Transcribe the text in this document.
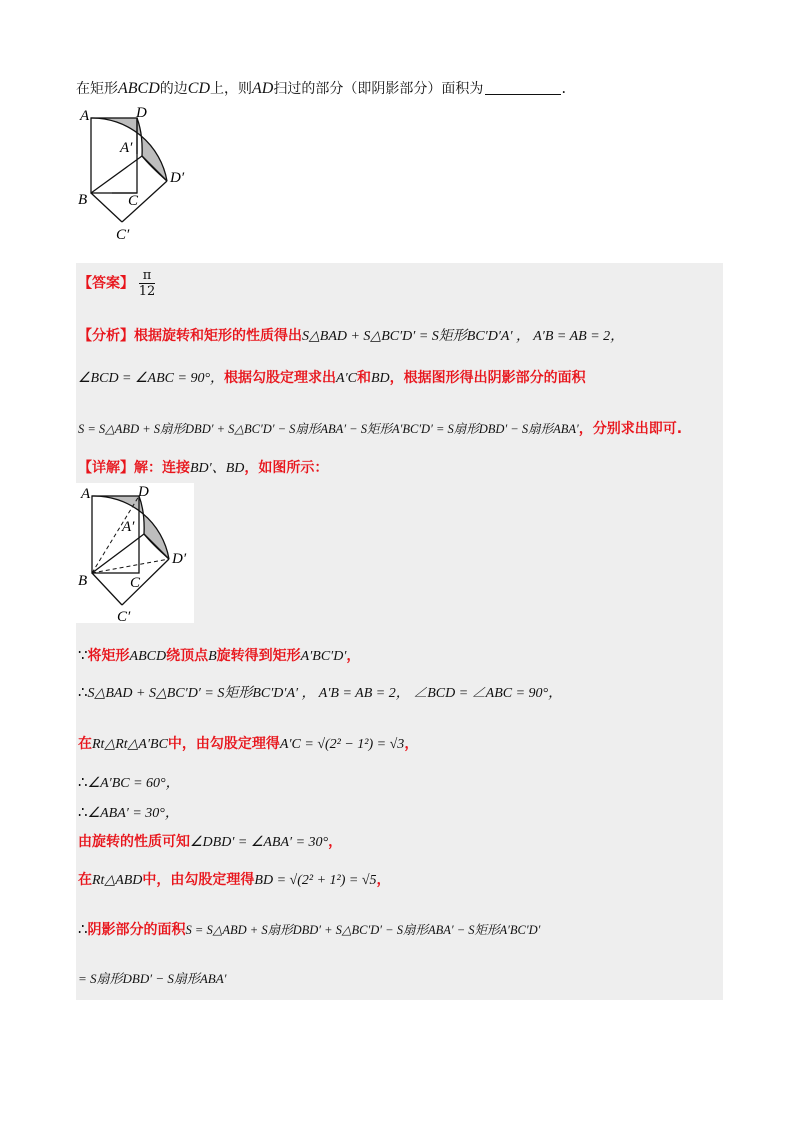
在矩形ABCD的边CD上，则AD扫过的部分（即阴影部分）面积为	.
A	D
A′
D′
B	C
C′
【答案】 $\frac{\pi}{12}$
【分析】根据旋转和矩形的性质得出S△BAD + S△BC′D′ = S矩形BC′D′A′ ， A′B = AB = 2，
∠BCD = ∠ABC = 90°，根据勾股定理求出A′C和BD，根据图形得出阴影部分的面积
S = S△ABD + S扇形DBD′ + S△BC′D′ − S扇形ABA′ − S矩形A′BC′D′ = S扇形DBD′ − S扇形ABA′，分别求出即可.
【详解】解：连接BD′、BD，如图所示：
A	D
A′
D′
B	C
C′
∵将矩形ABCD绕顶点B旋转得到矩形A′BC′D′，
∴S△BAD + S△BC′D′ = S矩形BC′D′A′ ， A′B = AB = 2， ∠BCD = ∠ABC = 90°，
在Rt△Rt△A′BC中，由勾股定理得A′C = √(2² − 1²) = √3，
∴∠A′BC = 60°，
∴∠ABA′ = 30°，
由旋转的性质可知∠DBD′ = ∠ABA′ = 30°，
在Rt△ABD中，由勾股定理得BD = √(2² + 1²) = √5，
∴阴影部分的面积S = S△ABD + S扇形DBD′ + S△BC′D′ − S扇形ABA′ − S矩形A′BC′D′
= S扇形DBD′ − S扇形ABA′
